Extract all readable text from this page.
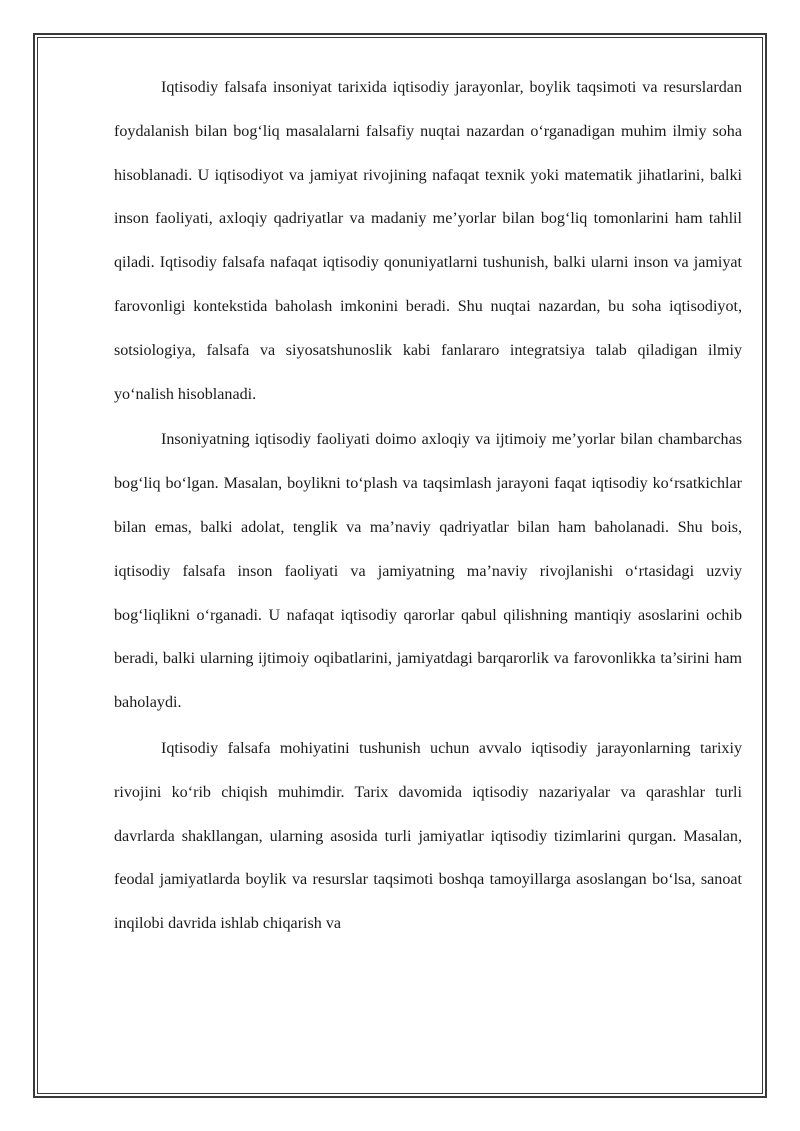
Iqtisodiy falsafa insoniyat tarixida iqtisodiy jarayonlar, boylik taqsimoti va resurslardan foydalanish bilan bog‘liq masalalarni falsafiy nuqtai nazardan o‘rganadigan muhim ilmiy soha hisoblanadi. U iqtisodiyot va jamiyat rivojining nafaqat texnik yoki matematik jihatlarini, balki inson faoliyati, axloqiy qadriyatlar va madaniy me’yorlar bilan bog‘liq tomonlarini ham tahlil qiladi. Iqtisodiy falsafa nafaqat iqtisodiy qonuniyatlarni tushunish, balki ularni inson va jamiyat farovonligi kontekstida baholash imkonini beradi. Shu nuqtai nazardan, bu soha iqtisodiyot, sotsiologiya, falsafa va siyosatshunoslik kabi fanlararo integratsiya talab qiladigan ilmiy yo‘nalish hisoblanadi.

Insoniyatning iqtisodiy faoliyati doimo axloqiy va ijtimoiy me’yorlar bilan chambarchas bog‘liq bo‘lgan. Masalan, boylikni to‘plash va taqsimlash jarayoni faqat iqtisodiy ko‘rsatkichlar bilan emas, balki adolat, tenglik va ma’naviy qadriyatlar bilan ham baholanadi. Shu bois, iqtisodiy falsafa inson faoliyati va jamiyatning ma’naviy rivojlanishi o‘rtasidagi uzviy bog‘liqlikni o‘rganadi. U nafaqat iqtisodiy qarorlar qabul qilishning mantiqiy asoslarini ochib beradi, balki ularning ijtimoiy oqibatlarini, jamiyatdagi barqarorlik va farovonlikka ta’sirini ham baholaydi.

Iqtisodiy falsafa mohiyatini tushunish uchun avvalo iqtisodiy jarayonlarning tarixiy rivojini ko‘rib chiqish muhimdir. Tarix davomida iqtisodiy nazariyalar va qarashlar turli davrlarda shakllangan, ularning asosida turli jamiyatlar iqtisodiy tizimlarini qurgan. Masalan, feodal jamiyatlarda boylik va resurslar taqsimoti boshqa tamoyillarga asoslangan bo‘lsa, sanoat inqilobi davrida ishlab chiqarish va
